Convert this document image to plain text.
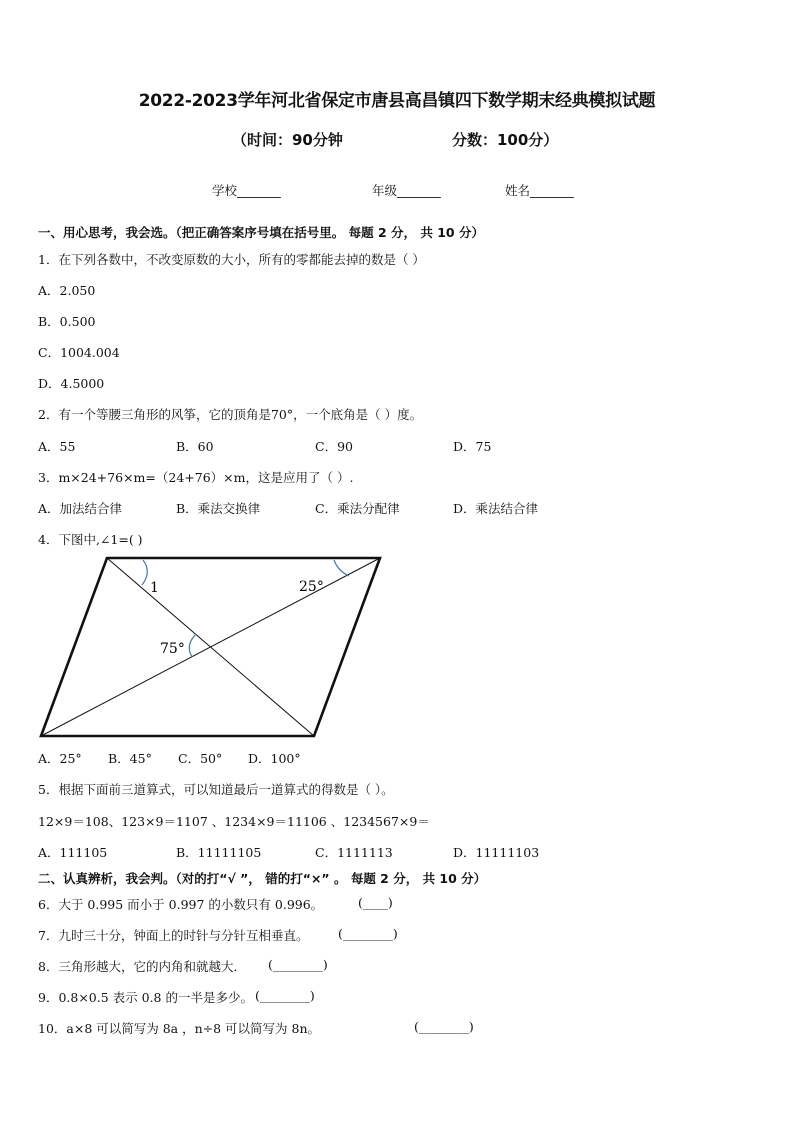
2022-2023学年河北省保定市唐县高昌镇四下数学期末经典模拟试题
（时间：90分钟	分数：100分）
学校_______	年级_______	姓名_______
一、用心思考，我会选。（把正确答案序号填在括号里。 每题 2 分， 共 10 分）
1．在下列各数中，不改变原数的大小，所有的零都能去掉的数是（ ）
A．2.050
B．0.500
C．1004.004
D．4.5000
2．有一个等腰三角形的风筝，它的顶角是70°，一个底角是（ ）度。
A．55	B．60	C．90	D．75
3．m×24+76×m=（24+76）×m，这是应用了（ ）.
A．加法结合律	B．乘法交换律	C．乘法分配律	D．乘法结合律
4．下图中,∠1=( )
1	25°
75°
A．25° B．45° C．50° D．100°
5．根据下面前三道算式，可以知道最后一道算式的得数是（ ）。
12×9＝108、123×9＝1107 、1234×9＝11106 、1234567×9＝
A．111105	B．11111105	C．1111113	D．11111103
二、认真辨析，我会判。（对的打“√ ”， 错的打“×” 。 每题 2 分， 共 10 分）
6．大于 0.995 而小于 0.997 的小数只有 0.996。	(____)
7．九时三十分，钟面上的时针与分针互相垂直。 (________)
8．三角形越大，它的内角和就越大． (________)
9．0.8×0.5 表示 0.8 的一半是多少。 (________)
10．a×8 可以简写为 8a ，n÷8 可以简写为 8n。	(________)
